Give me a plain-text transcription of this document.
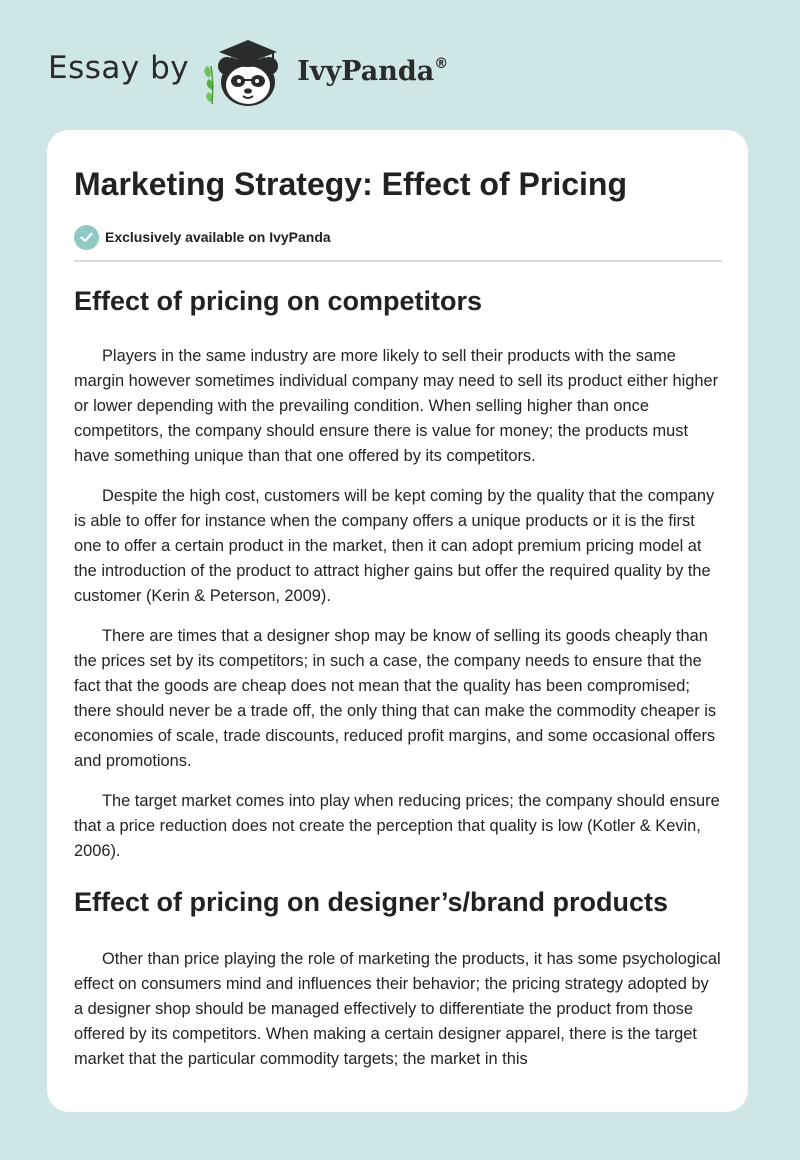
Essay by	IvyPanda®
Marketing Strategy: Effect of Pricing
Exclusively available on IvyPanda
Effect of pricing on competitors

Players in the same industry are more likely to sell their products with the same margin however sometimes individual company may need to sell its product either higher or lower depending with the prevailing condition. When selling higher than once competitors, the company should ensure there is value for money; the products must have something unique than that one offered by its competitors.

Despite the high cost, customers will be kept coming by the quality that the company is able to offer for instance when the company offers a unique products or it is the first one to offer a certain product in the market, then it can adopt premium pricing model at the introduction of the product to attract higher gains but offer the required quality by the customer (Kerin & Peterson, 2009).

There are times that a designer shop may be know of selling its goods cheaply than the prices set by its competitors; in such a case, the company needs to ensure that the fact that the goods are cheap does not mean that the quality has been compromised; there should never be a trade off, the only thing that can make the commodity cheaper is economies of scale, trade discounts, reduced profit margins, and some occasional offers and promotions.

The target market comes into play when reducing prices; the company should ensure that a price reduction does not create the perception that quality is low (Kotler & Kevin, 2006).

Effect of pricing on designer’s/brand products

Other than price playing the role of marketing the products, it has some psychological effect on consumers mind and influences their behavior; the pricing strategy adopted by a designer shop should be managed effectively to differentiate the product from those offered by its competitors. When making a certain designer apparel, there is the target market that the particular commodity targets; the market in this
